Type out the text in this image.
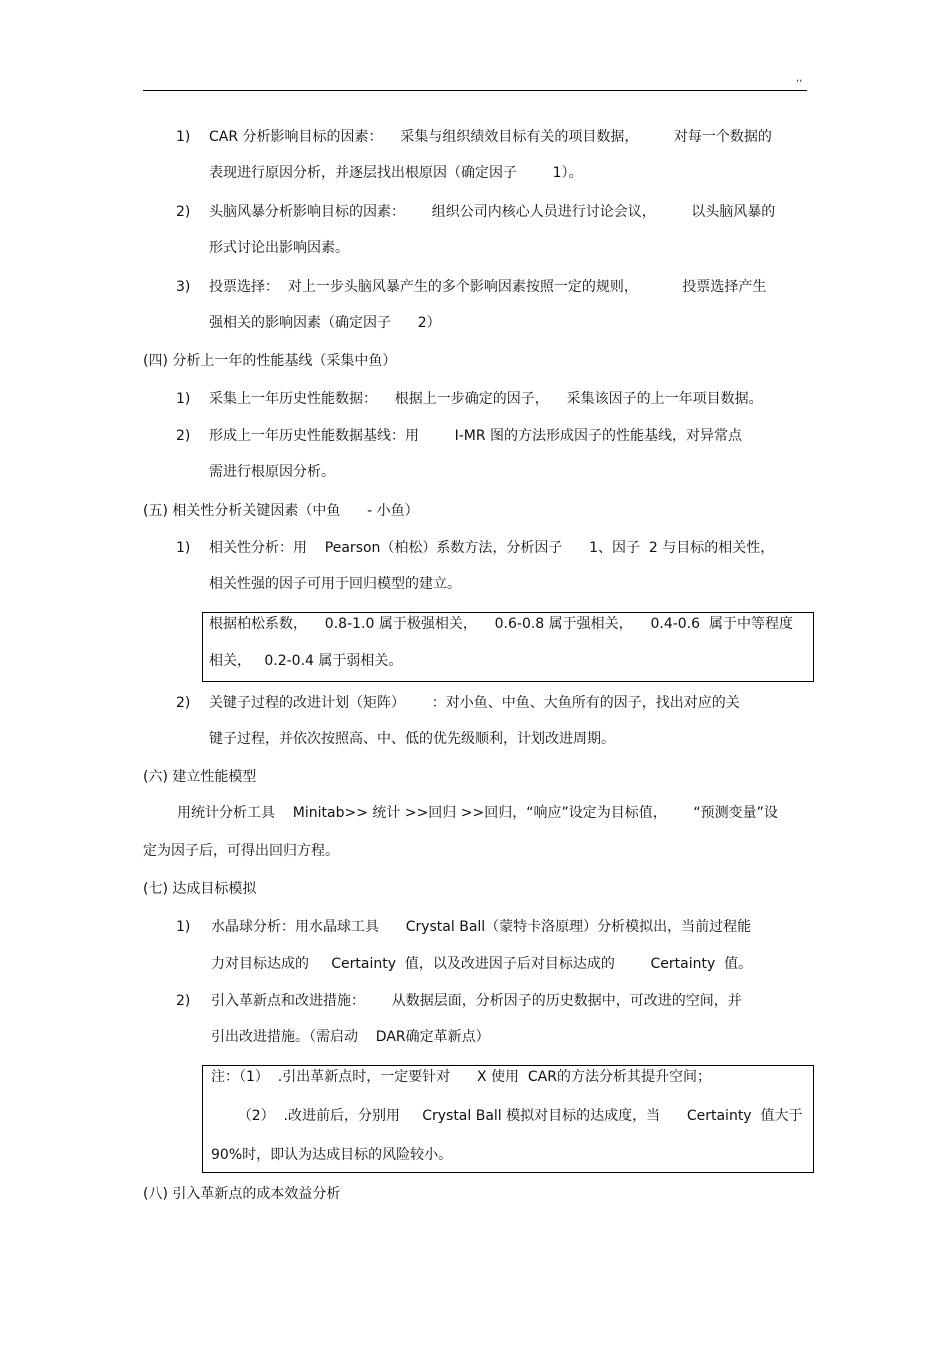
,,
1) CAR 分析影响目标的因素：    采集与组织绩效目标有关的项目数据，        对每一个数据的
表现进行原因分析，并逐层找出根原因（确定因子        1）。
2) 头脑风暴分析影响目标的因素：      组织公司内核心人员进行讨论会议，        以头脑风暴的
形式讨论出影响因素。
3) 投票选择：  对上一步头脑风暴产生的多个影响因素按照一定的规则，          投票选择产生
强相关的影响因素（确定因子      2）
(四) 分析上一年的性能基线（采集中鱼）
1) 采集上一年历史性能数据：    根据上一步确定的因子，    采集该因子的上一年项目数据。
2) 形成上一年历史性能数据基线：用        I-MR 图的方法形成因子的性能基线，对异常点
需进行根原因分析。
(五) 相关性分析关键因素（中鱼      - 小鱼）
1) 相关性分析：用    Pearson（柏松）系数方法，分析因子      1、因子  2 与目标的相关性，
相关性强的因子可用于回归模型的建立。
根据柏松系数，    0.8-1.0 属于极强相关，    0.6-0.8 属于强相关，    0.4-0.6  属于中等程度
相关，   0.2-0.4 属于弱相关。
2) 关键子过程的改进计划（矩阵）      ：对小鱼、中鱼、大鱼所有的因子，找出对应的关
键子过程，并依次按照高、中、低的优先级顺利，计划改进周期。
(六) 建立性能模型
用统计分析工具    Minitab>> 统计 >>回归 >>回归，“响应”设定为目标值，      “预测变量”设
定为因子后，可得出回归方程。
(七) 达成目标模拟
1) 水晶球分析：用水晶球工具      Crystal Ball（蒙特卡洛原理）分析模拟出，当前过程能
力对目标达成的     Certainty  值，以及改进因子后对目标达成的        Certainty  值。
2) 引入革新点和改进措施：      从数据层面，分析因子的历史数据中，可改进的空间，并
引出改进措施。（需启动    DAR确定革新点）
注：（1）  .引出革新点时，一定要针对      X 使用  CAR的方法分析其提升空间；
（2）  .改进前后，分别用     Crystal Ball 模拟对目标的达成度，当      Certainty  值大于
90%时，即认为达成目标的风险较小。
(八) 引入革新点的成本效益分析
